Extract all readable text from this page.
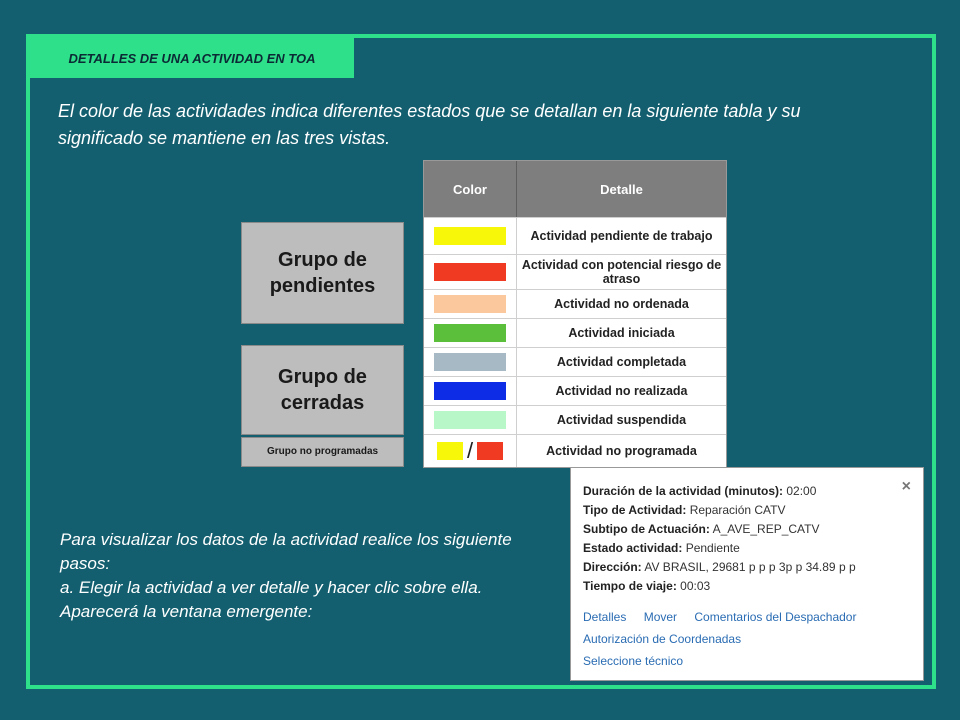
DETALLES DE UNA ACTIVIDAD EN TOA
El color de las actividades indica diferentes estados que se detallan en la siguiente tabla y su significado se mantiene en las tres vistas.
Grupo de pendientes
Grupo de cerradas
Grupo no programadas
Color	Detalle
Actividad pendiente de trabajo
Actividad con potencial riesgo de atraso
Actividad no ordenada
Actividad iniciada
Actividad completada
Actividad no realizada
Actividad suspendida
/	Actividad no programada
Para visualizar los datos de la actividad realice los siguiente pasos:
a. Elegir la actividad a ver detalle y hacer clic sobre ella. Aparecerá la ventana emergente:
×
Duración de la actividad (minutos): 02:00
Tipo de Actividad: Reparación CATV
Subtipo de Actuación: A_AVE_REP_CATV
Estado actividad: Pendiente
Dirección: AV BRASIL, 29681 p p p 3p p 34.89 p p
Tiempo de viaje: 00:03
Detalles Mover Comentarios del Despachador
Autorización de Coordenadas
Seleccione técnico
